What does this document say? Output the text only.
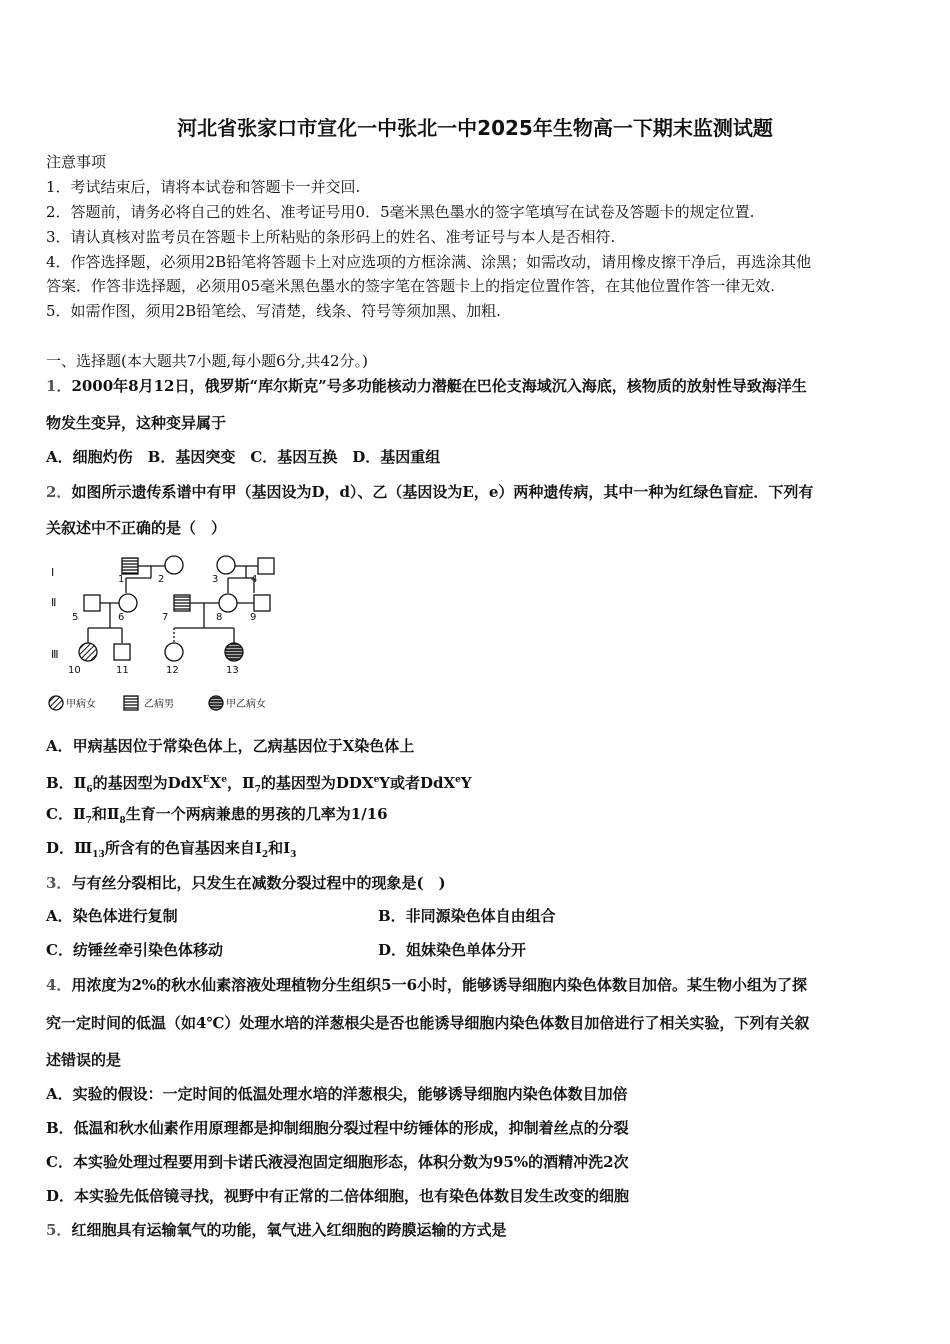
河北省张家口市宣化一中张北一中2025年生物高一下期末监测试题
注意事项
1．考试结束后，请将本试卷和答题卡一并交回.
2．答题前，请务必将自己的姓名、准考证号用0．5毫米黑色墨水的签字笔填写在试卷及答题卡的规定位置.
3．请认真核对监考员在答题卡上所粘贴的条形码上的姓名、准考证号与本人是否相符.
4．作答选择题，必须用2B铅笔将答题卡上对应选项的方框涂满、涂黑；如需改动，请用橡皮擦干净后，再选涂其他
答案．作答非选择题，必须用05毫米黑色墨水的签字笔在答题卡上的指定位置作答，在其他位置作答一律无效.
5．如需作图，须用2B铅笔绘、写清楚，线条、符号等须加黑、加粗.
一、选择题(本大题共7小题,每小题6分,共42分。)
1．2000年8月12日，俄罗斯“库尔斯克”号多功能核动力潜艇在巴伦支海域沉入海底，核物质的放射性导致海洋生
物发生变异，这种变异属于
A．细胞灼伤　B．基因突变　C．基因互换　D．基因重组
2．如图所示遗传系谱中有甲（基因设为D，d）、乙（基因设为E，e）两种遗传病，其中一种为红绿色盲症．下列有
关叙述中不正确的是（　）
Ⅰ
Ⅱ
Ⅲ
1	2	3	4
5	6	7	8	9
10	11	12	13
甲病女	乙病男	甲乙病女
A．甲病基因位于常染色体上，乙病基因位于X染色体上
B．$Ⅱ_6$的基因型为DdX$^E$Xe，$Ⅱ_7$的基因型为DDXeY或者DdX$^e$Y
C．$Ⅱ_7$和$Ⅱ_8$生育一个两病兼患的男孩的几率为1/16
D．$Ⅲ_{13}$所含有的色盲基因来自$I_2$和$I_3$
3．与有丝分裂相比，只发生在减数分裂过程中的现象是(　)
A．染色体进行复制	B．非同源染色体自由组合
C．纺锤丝牵引染色体移动	D．姐妹染色单体分开
4．用浓度为2%的秋水仙素溶液处理植物分生组织5一6小时，能够诱导细胞内染色体数目加倍。某生物小组为了探
究一定时间的低温（如4℃）处理水培的洋葱根尖是否也能诱导细胞内染色体数目加倍进行了相关实验，下列有关叙
述错误的是
A．实验的假设：一定时间的低温处理水培的洋葱根尖，能够诱导细胞内染色体数目加倍
B．低温和秋水仙素作用原理都是抑制细胞分裂过程中纺锤体的形成，抑制着丝点的分裂
C．本实验处理过程要用到卡诺氏液浸泡固定细胞形态，体积分数为95%的酒精冲洗2次
D．本实验先低倍镜寻找，视野中有正常的二倍体细胞，也有染色体数目发生改变的细胞
5．红细胞具有运输氧气的功能，氧气进入红细胞的跨膜运输的方式是
